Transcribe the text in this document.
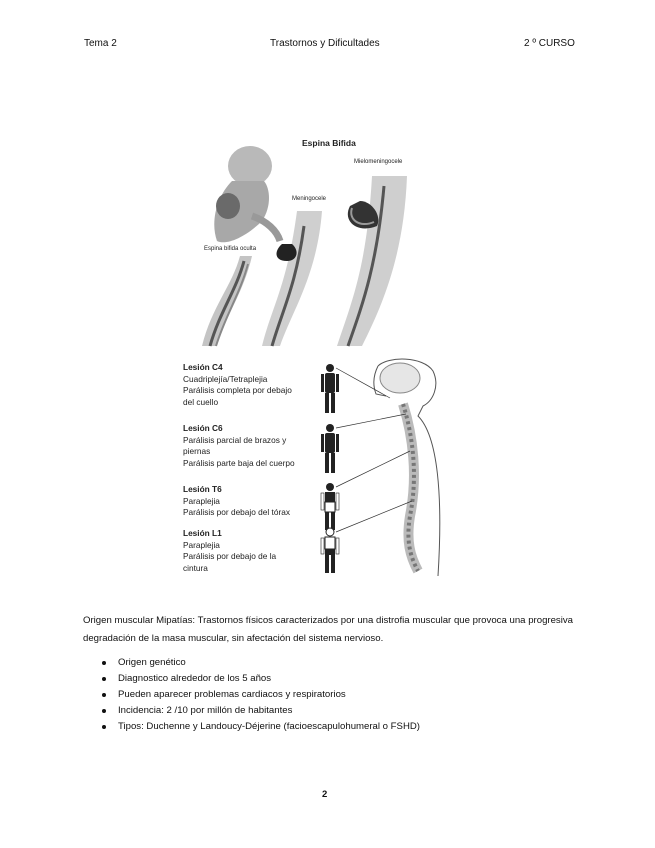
Tema 2	Trastornos y Dificultades	2 º CURSO
Espina Bifida
Mielomeningocele
Meningocele
Espina bifida oculta
Lesión C4
Cuadriplejía/Tetraplejia
Parálisis completa por debajo
del cuello
Lesión C6
Parálisis parcial de brazos y
piernas
Parálisis parte baja del cuerpo
Lesión T6
Paraplejia
Parálisis por debajo del tórax
Lesión L1
Paraplejia
Parálisis por debajo de la
cintura

Origen muscular Mipatías: Trastornos físicos caracterizados por una distrofia muscular que provoca una progresiva degradación de la masa muscular, sin afectación del sistema nervioso.

Origen genético
Diagnostico alrededor de los 5 años
Pueden aparecer problemas cardiacos y respiratorios
Incidencia: 2 /10 por millón de habitantes
Tipos: Duchenne y Landoucy-Déjerine (facioescapulohumeral o FSHD)
2
